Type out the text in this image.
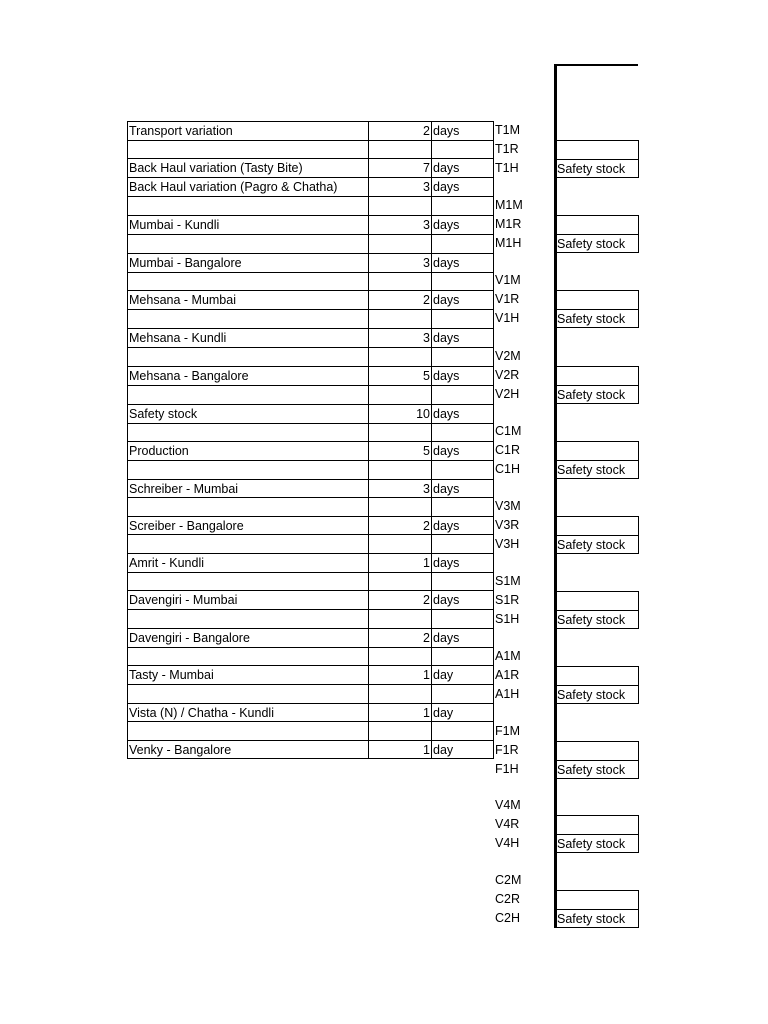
Transport variation	2 days
Back Haul variation (Tasty Bite)	7 days
Back Haul variation (Pagro & Chatha)	3 days
Mumbai - Kundli	3 days
Mumbai - Bangalore	3 days
Mehsana - Mumbai	2 days
Mehsana - Kundli	3 days
Mehsana - Bangalore	5 days
Safety stock	10 days
Production	5 days
Schreiber - Mumbai	3 days
Screiber - Bangalore	2 days
Amrit - Kundli	1 days
Davengiri - Mumbai	2 days
Davengiri - Bangalore	2 days
Tasty - Mumbai	1 day
Vista (N) / Chatha - Kundli	1 day
Venky - Bangalore	1 day
T1M
T1R
T1H	Safety stock
M1M
M1R
M1H	Safety stock
V1M
V1R
V1H	Safety stock
V2M
V2R
V2H	Safety stock
C1M
C1R
C1H	Safety stock
V3M
V3R
V3H	Safety stock
S1M
S1R
S1H	Safety stock
A1M
A1R
A1H	Safety stock
F1M
F1R
F1H	Safety stock
V4M
V4R
V4H	Safety stock
C2M
C2R
C2H	Safety stock
